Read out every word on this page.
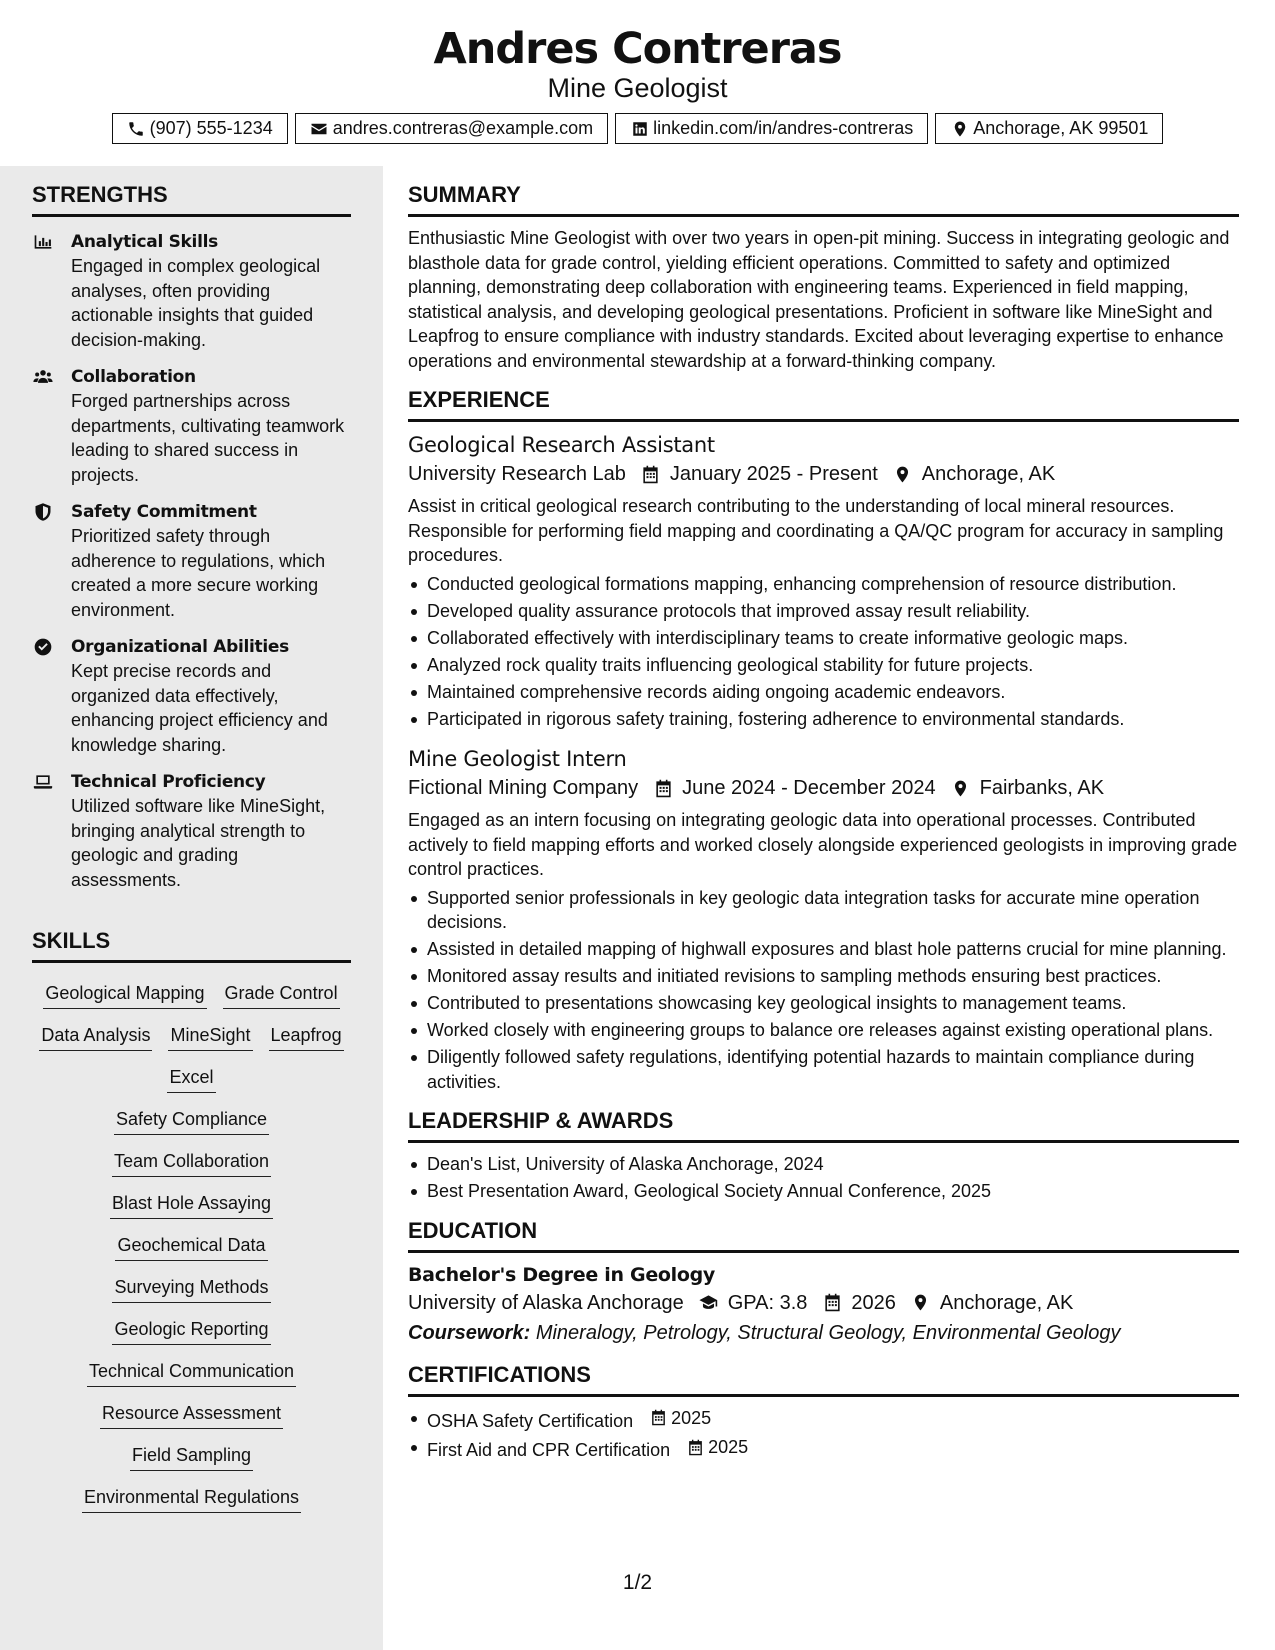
Andres Contreras
Mine Geologist
(907) 555-1234	andres.contreras@example.com	linkedin.com/in/andres-contreras	Anchorage, AK 99501
STRENGTHS
Analytical Skills
Engaged in complex geological analyses, often providing actionable insights that guided decision-making.
Collaboration
Forged partnerships across departments, cultivating teamwork leading to shared success in projects.
Safety Commitment
Prioritized safety through adherence to regulations, which created a more secure working environment.
Organizational Abilities
Kept precise records and organized data effectively, enhancing project efficiency and knowledge sharing.
Technical Proficiency
Utilized software like MineSight, bringing analytical strength to geologic and grading assessments.
SKILLS
Geological Mapping Grade Control
Data Analysis MineSight Leapfrog
Excel
Safety Compliance
Team Collaboration
Blast Hole Assaying
Geochemical Data
Surveying Methods
Geologic Reporting
Technical Communication
Resource Assessment
Field Sampling
Environmental Regulations
SUMMARY
Enthusiastic Mine Geologist with over two years in open-pit mining. Success in integrating geologic and blasthole data for grade control, yielding efficient operations. Committed to safety and optimized planning, demonstrating deep collaboration with engineering teams. Experienced in field mapping, statistical analysis, and developing geological presentations. Proficient in software like MineSight and Leapfrog to ensure compliance with industry standards. Excited about leveraging expertise to enhance operations and environmental stewardship at a forward-thinking company.
EXPERIENCE
Geological Research Assistant
University Research Lab January 2025 - Present Anchorage, AK
Assist in critical geological research contributing to the understanding of local mineral resources. Responsible for performing field mapping and coordinating a QA/QC program for accuracy in sampling procedures.
Conducted geological formations mapping, enhancing comprehension of resource distribution.
Developed quality assurance protocols that improved assay result reliability.
Collaborated effectively with interdisciplinary teams to create informative geologic maps.
Analyzed rock quality traits influencing geological stability for future projects.
Maintained comprehensive records aiding ongoing academic endeavors.
Participated in rigorous safety training, fostering adherence to environmental standards.
Mine Geologist Intern
Fictional Mining Company June 2024 - December 2024 Fairbanks, AK
Engaged as an intern focusing on integrating geologic data into operational processes. Contributed actively to field mapping efforts and worked closely alongside experienced geologists in improving grade control practices.
Supported senior professionals in key geologic data integration tasks for accurate mine operation decisions.
Assisted in detailed mapping of highwall exposures and blast hole patterns crucial for mine planning.
Monitored assay results and initiated revisions to sampling methods ensuring best practices.
Contributed to presentations showcasing key geological insights to management teams.
Worked closely with engineering groups to balance ore releases against existing operational plans.
Diligently followed safety regulations, identifying potential hazards to maintain compliance during activities.
LEADERSHIP & AWARDS
Dean's List, University of Alaska Anchorage, 2024
Best Presentation Award, Geological Society Annual Conference, 2025
EDUCATION
Bachelor's Degree in Geology
University of Alaska Anchorage GPA: 3.8 2026 Anchorage, AK
Coursework: Mineralogy, Petrology, Structural Geology, Environmental Geology
CERTIFICATIONS
OSHA Safety Certification 2025
First Aid and CPR Certification 2025
1/2
